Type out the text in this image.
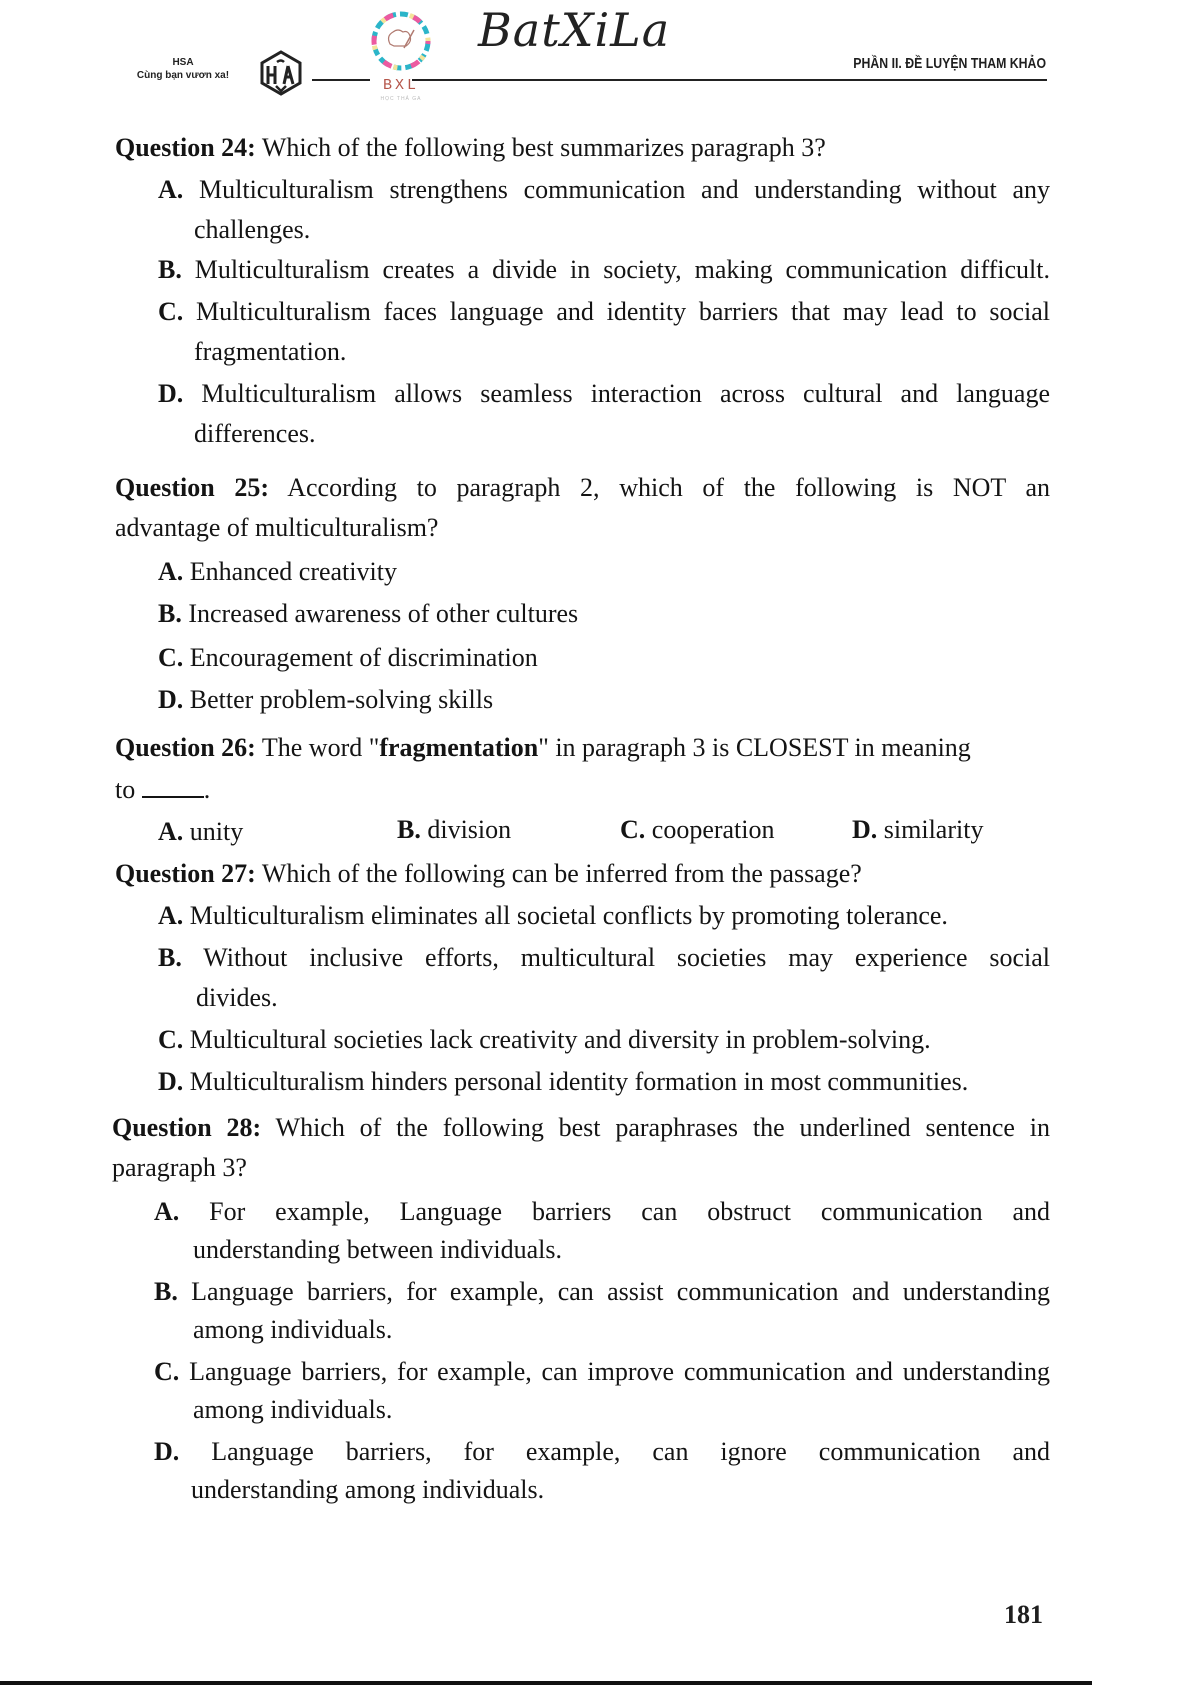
HSA
Cùng bạn vươn xa!
BXL
HỌC THẢ GA
BatXiLa
PHẦN II. ĐỀ LUYỆN THAM KHẢO
Question 24: Which of the following best summarizes paragraph 3?
A. Multiculturalism strengthens communication and understanding without any
challenges.
B. Multiculturalism creates a divide in society, making communication difficult.
C. Multiculturalism faces language and identity barriers that may lead to social
fragmentation.
D. Multiculturalism allows seamless interaction across cultural and language
differences.
Question 25: According to paragraph 2, which of the following is NOT an
advantage of multiculturalism?
A. Enhanced creativity
B. Increased awareness of other cultures
C. Encouragement of discrimination
D. Better problem-solving skills
Question 26: The word "fragmentation" in paragraph 3 is CLOSEST in meaning
to	.
A. unity	B. division	C. cooperation	D. similarity
Question 27: Which of the following can be inferred from the passage?
A. Multiculturalism eliminates all societal conflicts by promoting tolerance.
B. Without inclusive efforts, multicultural societies may experience social
divides.
C. Multicultural societies lack creativity and diversity in problem-solving.
D. Multiculturalism hinders personal identity formation in most communities.
Question 28: Which of the following best paraphrases the underlined sentence in
paragraph 3?
A. For example, Language barriers can obstruct communication and
understanding between individuals.
B. Language barriers, for example, can assist communication and understanding
among individuals.
C. Language barriers, for example, can improve communication and understanding
among individuals.
D. Language barriers, for example, can ignore communication and
understanding among individuals.
181
